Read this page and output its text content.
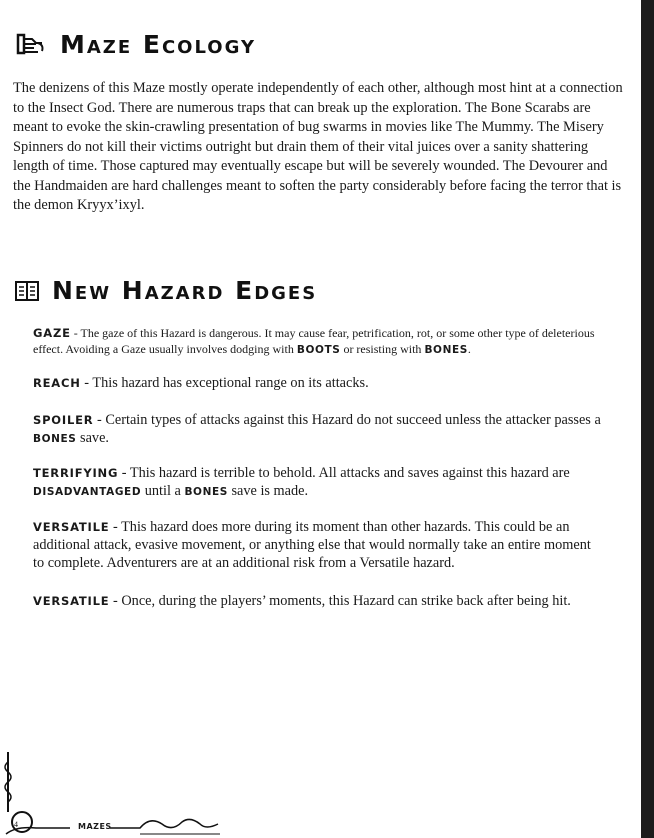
Maze Ecology

The denizens of this Maze mostly operate independently of each other, although most hint at a connection to the Insect God. There are numerous traps that can break up the exploration. The Bone Scarabs are meant to evoke the skin-crawling presentation of bug swarms in movies like The Mummy. The Misery Spinners do not kill their victims outright but drain them of their vital juices over a sanity shattering length of time. Those captured may eventually escape but will be severely wounded. The Devourer and the Handmaiden are hard challenges meant to soften the party considerably before facing the terror that is the demon Kryyx’ixyl.

New Hazard Edges

GAZE - The gaze of this Hazard is dangerous. It may cause fear, petrification, rot, or some other type of deleterious effect. Avoiding a Gaze usually involves dodging with BOOTS or resisting with BONES.

REACH - This hazard has exceptional range on its attacks.

SPOILER - Certain types of attacks against this Hazard do not succeed unless the attacker passes a BONES save.

TERRIFYING - This hazard is terrible to behold. All attacks and saves against this hazard are DISADVANTAGED until a BONES save is made.

VERSATILE - This hazard does more during its moment than other hazards. This could be an additional attack, evasive movement, or anything else that would normally take an entire moment to complete. Adventurers are at an additional risk from a Versatile hazard.

VERSATILE - Once, during the players’ moments, this Hazard can strike back after being hit.

4	MAZES
